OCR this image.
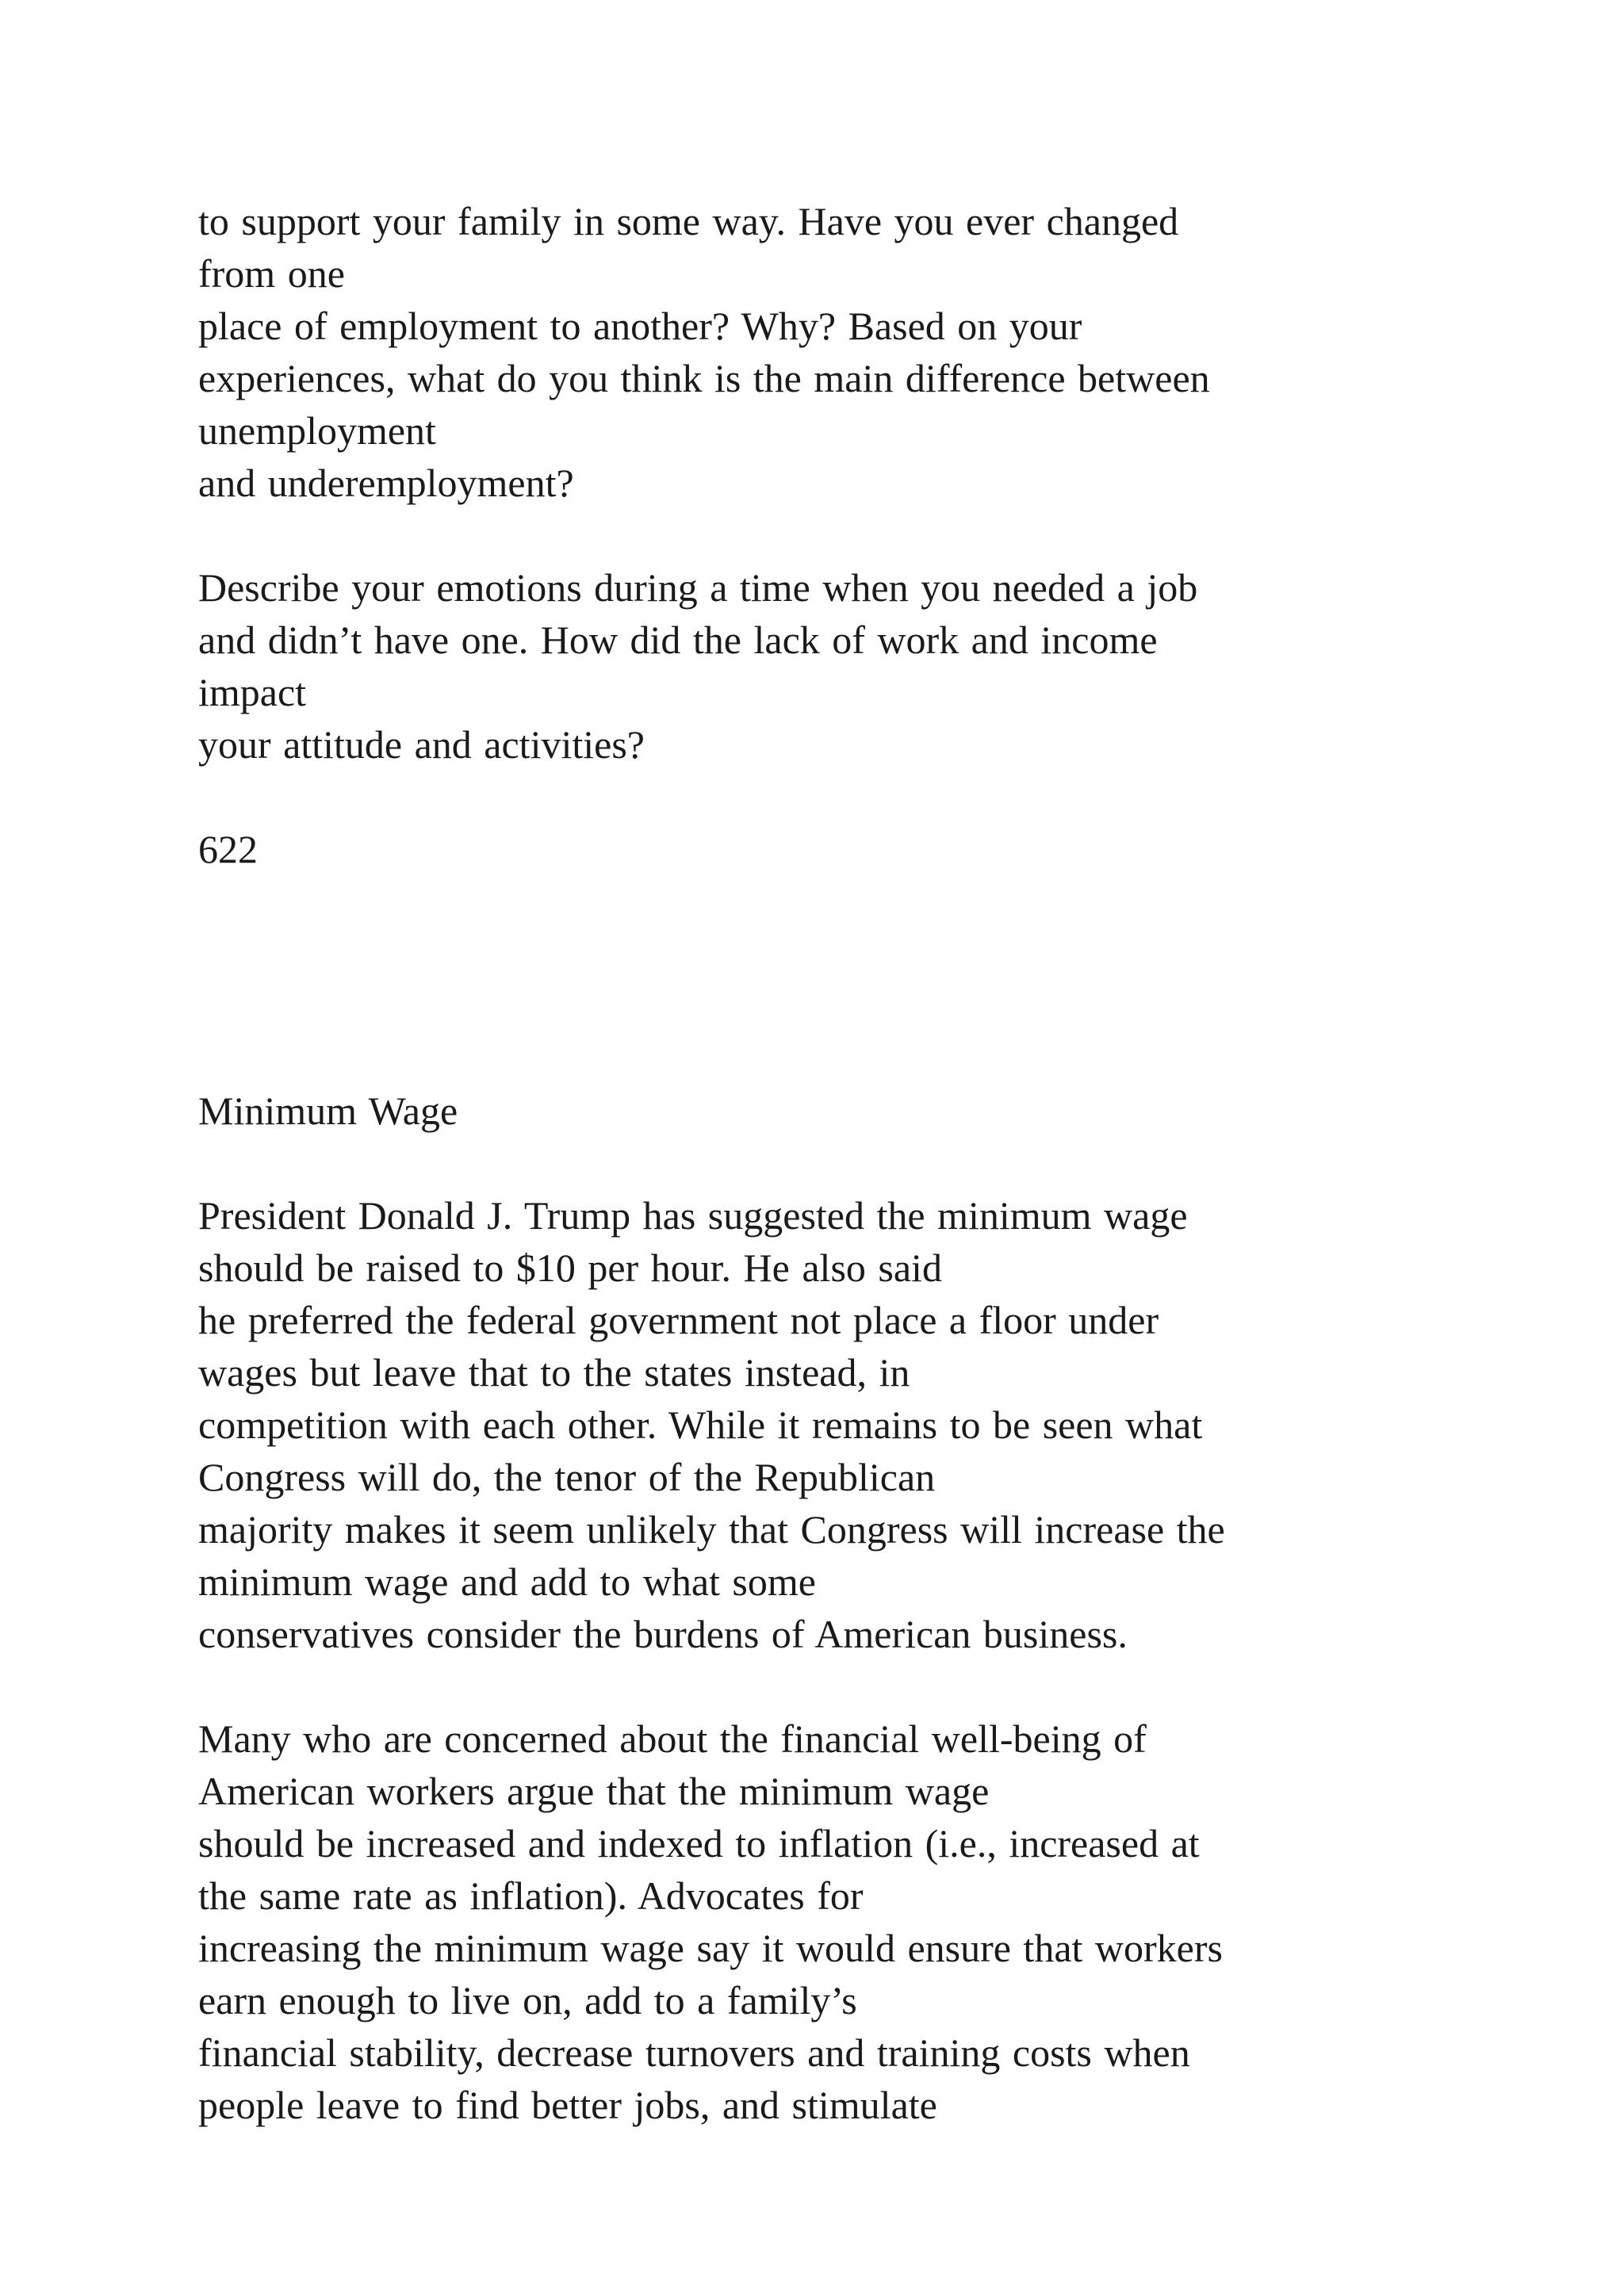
to support your family in some way. Have you ever changed
from one
place of employment to another? Why? Based on your
experiences, what do you think is the main difference between
unemployment
and underemployment?
Describe your emotions during a time when you needed a job
and didn’t have one. How did the lack of work and income
impact
your attitude and activities?
622
Minimum Wage
President Donald J. Trump has suggested the minimum wage
should be raised to $10 per hour. He also said
he preferred the federal government not place a floor under
wages but leave that to the states instead, in
competition with each other. While it remains to be seen what
Congress will do, the tenor of the Republican
majority makes it seem unlikely that Congress will increase the
minimum wage and add to what some
conservatives consider the burdens of American business.
Many who are concerned about the financial well-being of
American workers argue that the minimum wage
should be increased and indexed to inflation (i.e., increased at
the same rate as inflation). Advocates for
increasing the minimum wage say it would ensure that workers
earn enough to live on, add to a family’s
financial stability, decrease turnovers and training costs when
people leave to find better jobs, and stimulate
